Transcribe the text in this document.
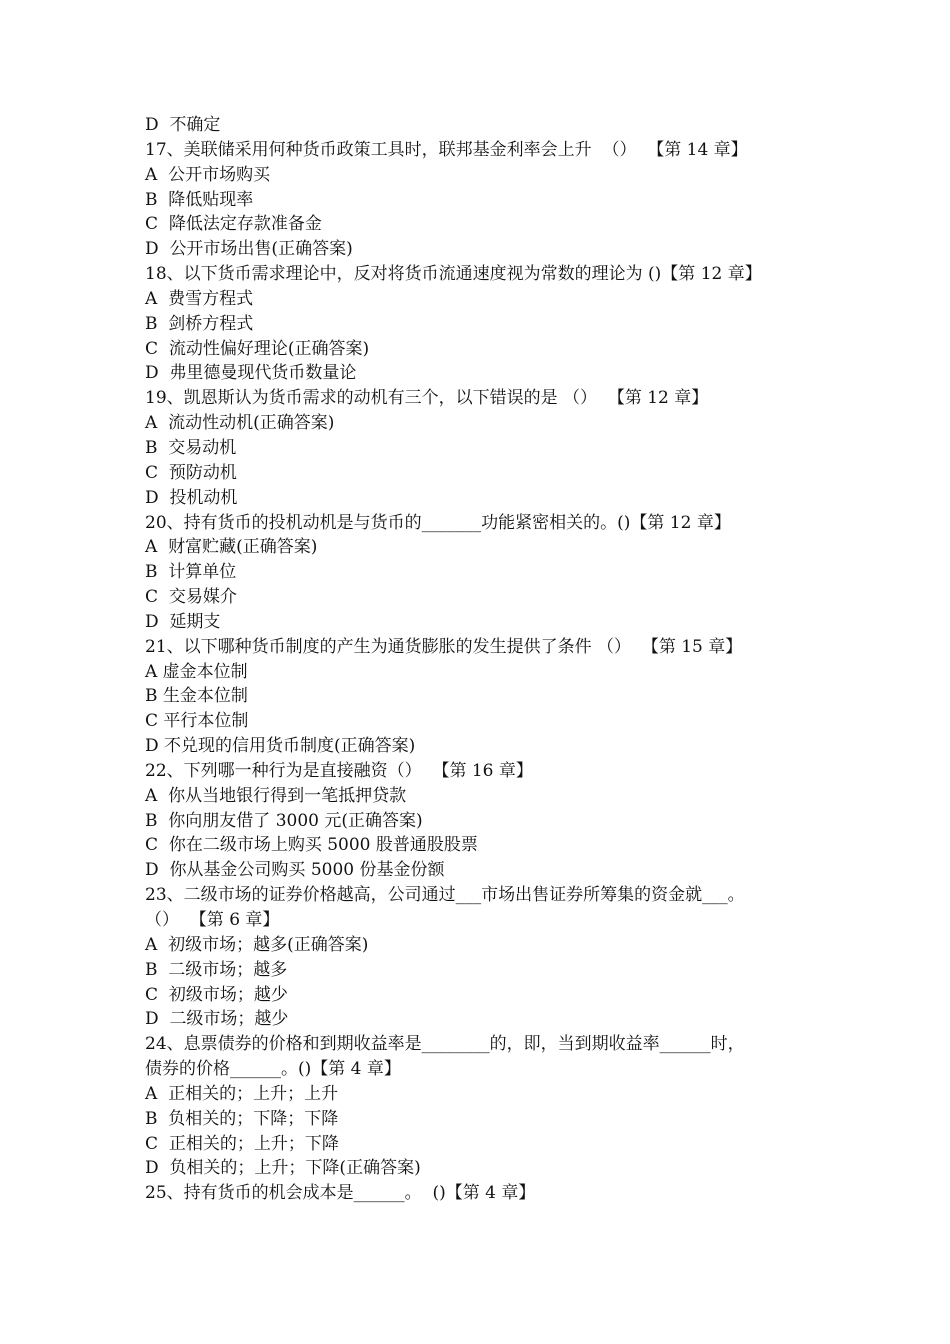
D  不确定
17、美联储采用何种货币政策工具时，联邦基金利率会上升  （）  【第 14 章】
A  公开市场购买
B  降低贴现率
C  降低法定存款准备金
D  公开市场出售(正确答案)
18、以下货币需求理论中，反对将货币流通速度视为常数的理论为 ()【第 12 章】
A  费雪方程式
B  剑桥方程式
C  流动性偏好理论(正确答案)
D  弗里德曼现代货币数量论
19、凯恩斯认为货币需求的动机有三个，以下错误的是 （）  【第 12 章】
A  流动性动机(正确答案)
B  交易动机
C  预防动机
D  投机动机
20、持有货币的投机动机是与货币的_______功能紧密相关的。()【第 12 章】
A  财富贮藏(正确答案)
B  计算单位
C  交易媒介
D  延期支
21、以下哪种货币制度的产生为通货膨胀的发生提供了条件 （）  【第 15 章】
A 虚金本位制
B 生金本位制
C 平行本位制
D 不兑现的信用货币制度(正确答案)
22、下列哪一种行为是直接融资（）  【第 16 章】
A  你从当地银行得到一笔抵押贷款
B  你向朋友借了 3000 元(正确答案)
C  你在二级市场上购买 5000 股普通股股票
D  你从基金公司购买 5000 份基金份额
23、二级市场的证券价格越高，公司通过___市场出售证券所筹集的资金就___。
（）  【第 6 章】
A  初级市场；越多(正确答案)
B  二级市场；越多
C  初级市场；越少
D  二级市场；越少
24、息票债券的价格和到期收益率是________的，即，当到期收益率______时，
债券的价格______。()【第 4 章】
A  正相关的；上升；上升
B  负相关的；下降；下降
C  正相关的；上升；下降
D  负相关的；上升；下降(正确答案)
25、持有货币的机会成本是______。  ()【第 4 章】
